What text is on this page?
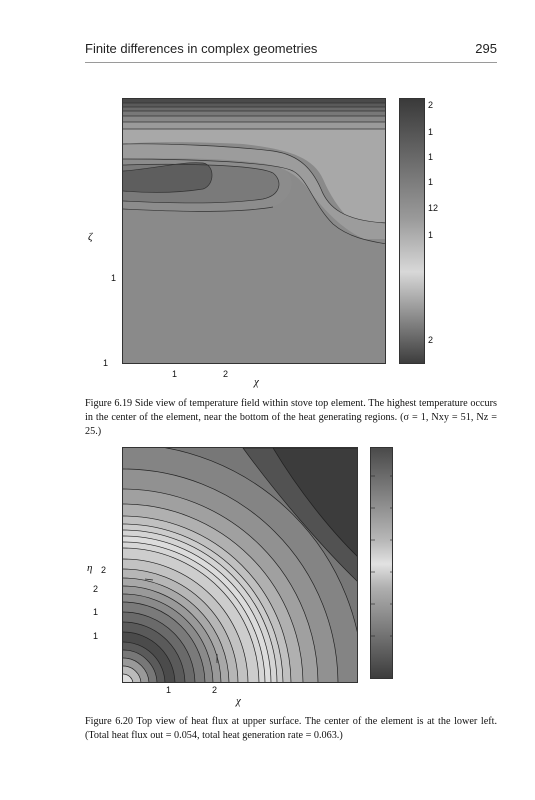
Finite differences in complex geometries	295
2
1
1
1
12
1
2
1
1
1	2
χ
ζ
Figure 6.19 Side view of temperature field within stove top element. The highest temperature occurs in the center of the element, near the bottom of the heat generating regions. (σ = 1, Nxy = 51, Nz = 25.)
2
2
1
1
1	2
χ
η
Figure 6.20 Top view of heat flux at upper surface. The center of the element is at the lower left. (Total heat flux out = 0.054, total heat generation rate = 0.063.)
